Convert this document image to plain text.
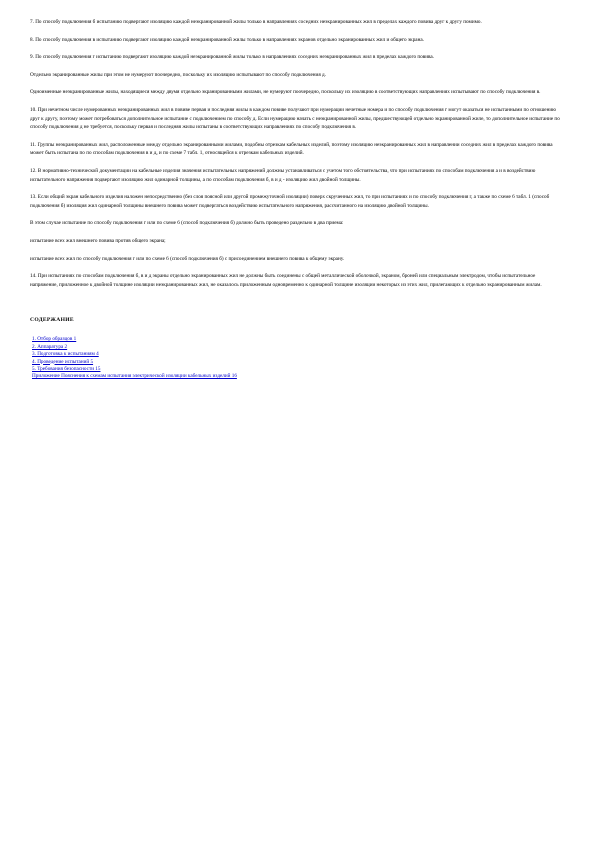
7. По способу подключения б испытанию подвергают изоляцию каждой неэкранированной жилы только в направлениях соседних неэкранированных жил в пределах каждого повива друг к другу помимо.

8. По способу подключения в испытанию подвергают изоляцию каждой неэкранированной жилы только в направлениях экранов отдельно экранированных жил и общего экрана.

9. По способу подключения г испытанию подвергают изоляцию каждой неэкранированной жилы только в направлениях соседних неэкранированных жил в пределах каждого повива.

Отдельно экранированные жилы при этом не нумеруют поочередно, поскольку их изоляцию испытывают по способу подключения д.

Одноименные неэкранированные жилы, находящиеся между двумя отдельно экранированными жилами, не нумеруют поочередно, поскольку их изоляцию в соответствующих направлениях испытывают по способу подключения в.

10. При нечетном числе нумерованных неэкранированных жил в повиве первая и последняя жилы в каждом повиве получают при нумерации нечетные номера и по способу подключения г могут оказаться не испытанными по отношению друг к другу, поэтому может потребоваться дополнительное испытание с подключением по способу д. Если нумерацию начать с неэкранированной жилы, предшествующей отдельно экранированной жиле, то дополнительное испытание по способу подключения д не требуется, поскольку первая и последняя жилы испытаны в соответствующих направлениях по способу подключения в.

11. Группы неэкранированных жил, расположенные между отдельно экранированными жилами, подобны отрезкам кабельных изделий, поэтому изоляцию неэкранированных жил в направлении соседних жил в пределах каждого повива может быть испытана по по способам подключения в и д, и по схеме 7 табл. 1, относящейся к отрезкам кабельных изделий.

12. В нормативно-технической документации на кабельные изделия значения испытательных напряжений должны устанавливаться с учетом того обстоятельства, что при испытаниях по способам подключения а и в воздействию испытательного напряжения подвергают изоляцию жил одинарной толщины, а по способам подключения б, в и д - изоляцию жил двойной толщины.

13. Если общий экран кабельного изделия наложен непосредственно (без слоя поясной или другой промежуточной изоляции) поверх скрученных жил, то при испытаниях и по способу подключения г, а также по схеме 6 табл. 1 (способ подключения б) изоляция жил одинарной толщины внешнего повива может подвергаться воздействию испытательного напряжения, рассчитанного на изоляцию двойной толщины.

В этом случае испытание по способу подключения г или по схеме 6 (способ подключения б) должно быть проведено раздельно в два приема:

испытание всех жил внешнего повива против общего экрана;

испытание всех жил по способу подключения г или по схеме 6 (способ подключения б) с присоединением внешнего повива к общему экрану.

14. При испытаниях по способам подключения б, в и д экраны отдельно экранированных жил не должны быть соединены с общей металлической оболочкой, экраном, броней или специальным электродом, чтобы испытательное напряжение, приложенное к двойной толщине изоляции неэкранированных жил, не оказалось приложенным одновременно к одинарной толщине изоляции некоторых из этих жил, прилегающих к отдельно экранированным жилам.

СОДЕРЖАНИЕ
1. Отбор образцов 1
2. Аппаратура 2
3. Подготовка к испытаниям 4
4. Проведение испытаний 5
5. Требования безопасности 15
Приложение Пояснения к схемам испытания электрической изоляции кабельных изделий 16
